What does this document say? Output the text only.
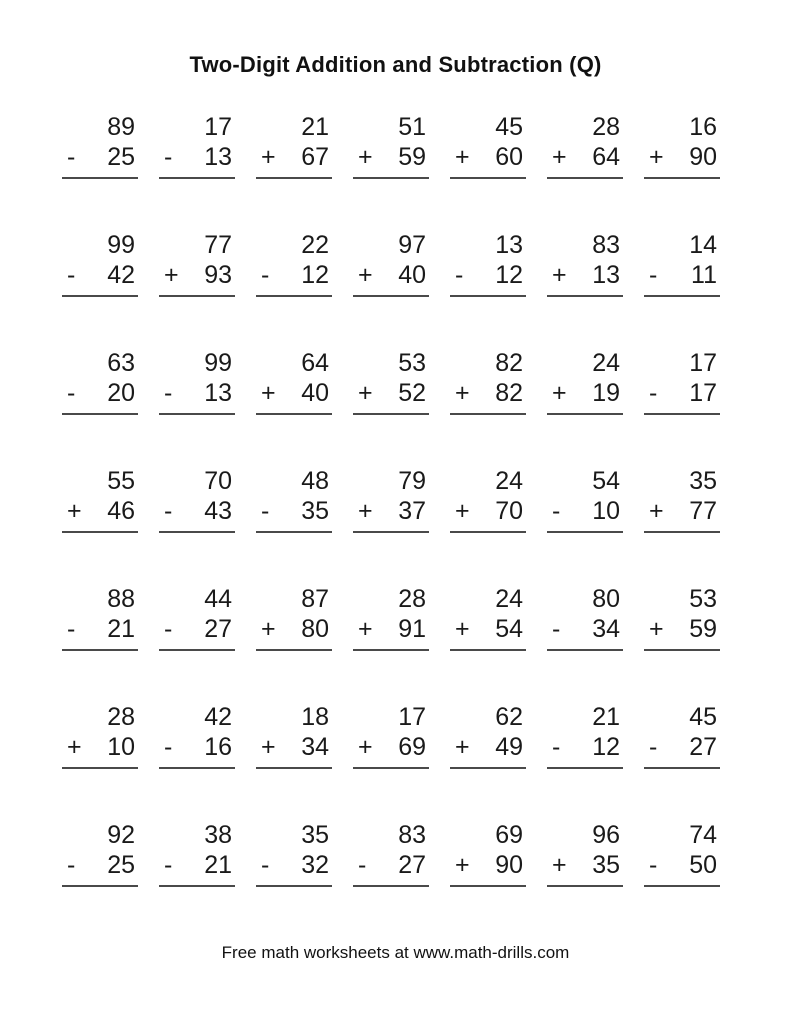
Two-Digit Addition and Subtraction (Q)
89
- 25
17
- 13
21
+ 67
51
+ 59
45
+ 60
28
+ 64
16
+ 90
99
- 42
77
+ 93
22
- 12
97
+ 40
13
- 12
83
+ 13
14
- 11
63
- 20
99
- 13
64
+ 40
53
+ 52
82
+ 82
24
+ 19
17
- 17
55
+ 46
70
- 43
48
- 35
79
+ 37
24
+ 70
54
- 10
35
+ 77
88
- 21
44
- 27
87
+ 80
28
+ 91
24
+ 54
80
- 34
53
+ 59
28
+ 10
42
- 16
18
+ 34
17
+ 69
62
+ 49
21
- 12
45
- 27
92
- 25
38
- 21
35
- 32
83
- 27
69
+ 90
96
+ 35
74
- 50
Free math worksheets at www.math-drills.com
